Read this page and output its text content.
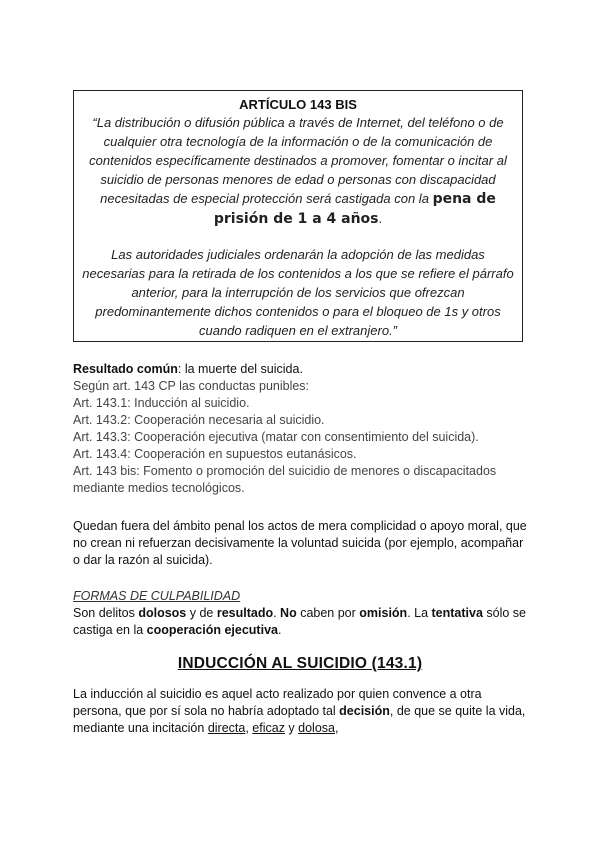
ARTÍCULO 143 BIS

“La distribución o difusión pública a través de Internet, del teléfono o de cualquier otra tecnología de la información o de la comunicación de contenidos específicamente destinados a promover, fomentar o incitar al suicidio de personas menores de edad o personas con discapacidad necesitadas de especial protección será castigada con la pena de prisión de 1 a 4 años.

Las autoridades judiciales ordenarán la adopción de las medidas necesarias para la retirada de los contenidos a los que se refiere el párrafo anterior, para la interrupción de los servicios que ofrezcan predominantemente dichos contenidos o para el bloqueo de 1s y otros cuando radiquen en el extranjero.”

Resultado común: la muerte del suicida.
Según art. 143 CP las conductas punibles:
Art. 143.1: Inducción al suicidio.
Art. 143.2: Cooperación necesaria al suicidio.
Art. 143.3: Cooperación ejecutiva (matar con consentimiento del suicida).
Art. 143.4: Cooperación en supuestos eutanásicos.
Art. 143 bis: Fomento o promoción del suicidio de menores o discapacitados mediante medios tecnológicos.
Quedan fuera del ámbito penal los actos de mera complicidad o apoyo moral, que no crean ni refuerzan decisivamente la voluntad suicida (por ejemplo, acompañar o dar la razón al suicida).
FORMAS DE CULPABILIDAD
Son delitos dolosos y de resultado. No caben por omisión. La tentativa sólo se castiga en la cooperación ejecutiva.
INDUCCIÓN AL SUICIDIO (143.1)
La inducción al suicidio es aquel acto realizado por quien convence a otra persona, que por sí sola no habría adoptado tal decisión, de que se quite la vida, mediante una incitación directa, eficaz y dolosa,
